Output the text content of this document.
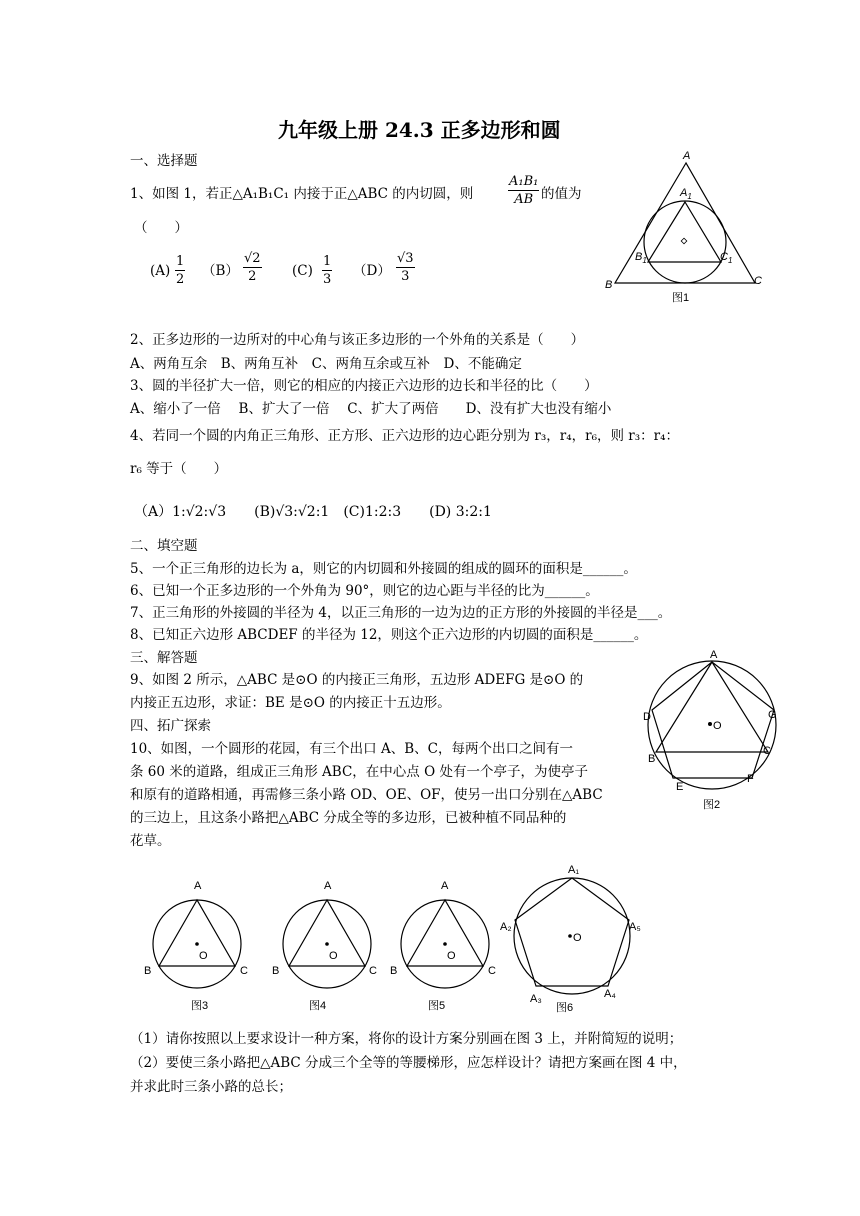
九年级上册 24.3 正多边形和圆
一、选择题
1、如图 1，若正△A₁B₁C₁ 内接于正△ABC 的内切圆，则	$\frac{\text{A₁B₁}}{AB}$ 的值为
（　　）
$(A) \frac{1}{2} (B) \frac{√2}{2} (C) \frac{1}{3} (D) \frac{√3}{3}$
A
$A_1$
$B_1$	$C_1$
B	C
图1
2、正多边形的一边所对的中心角与该正多边形的一个外角的关系是（　　）
A、两角互余　B、两角互补　C、两角互余或互补　D、不能确定
3、圆的半径扩大一倍，则它的相应的内接正六边形的边长和半径的比（　　）
A、缩小了一倍　 B、扩大了一倍　 C、扩大了两倍　　D、没有扩大也没有缩小
4、若同一个圆的内角正三角形、正方形、正六边形的边心距分别为 r₃，r₄，r₆，则 r₃：r₄：
r₆ 等于（　　）
（A）1:√2:√3　　(B)√3:√2:1　(C)1:2:3　　(D) 3:2:1
二、填空题
5、一个正三角形的边长为 a，则它的内切圆和外接圆的组成的圆环的面积是______。
6、已知一个正多边形的一个外角为 90°，则它的边心距与半径的比为______。
7、正三角形的外接圆的半径为 4，以正三角形的一边为边的正方形的外接圆的半径是___。
8、已知正六边形 ABCDEF 的半径为 12，则这个正六边形的内切圆的面积是______。
三、解答题
9、如图 2 所示，△ABC 是⊙O 的内接正三角形，五边形 ADEFG 是⊙O 的
内接正五边形，求证：BE 是⊙O 的内接正十五边形。
四、拓广探索
10、如图，一个圆形的花园，有三个出口 A、B、C，每两个出口之间有一
条 60 米的道路，组成正三角形 ABC，在中心点 O 处有一个亭子，为使亭子
和原有的道路相通，再需修三条小路 OD、OE、OF，使另一出口分别在△ABC
的三边上，且这条小路把△ABC 分成全等的多边形，已被种植不同品种的
花草。
O
A
D	G
B
C
E
F
图2
O
A
B	C
图3
O
A
B	C
图4
O
A
B	C
图5
O
A₁
A₂	A₅
A₃	A₄
图6
（1）请你按照以上要求设计一种方案，将你的设计方案分别画在图 3 上，并附简短的说明；
（2）要使三条小路把△ABC 分成三个全等的等腰梯形，应怎样设计？请把方案画在图 4 中，
并求此时三条小路的总长；
